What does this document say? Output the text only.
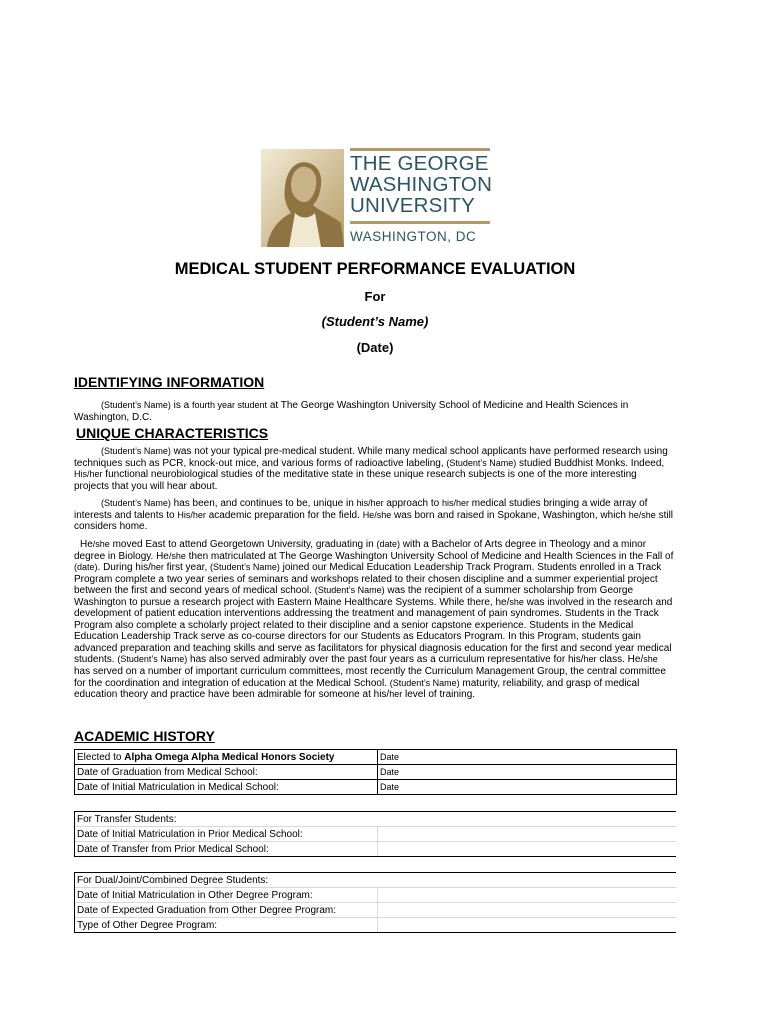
THE GEORGE
WASHINGTON
UNIVERSITY
WASHINGTON, DC
MEDICAL STUDENT PERFORMANCE EVALUATION
For
(Student’s Name)
(Date)
IDENTIFYING INFORMATION

(Student’s Name) is a fourth year student at The George Washington University School of Medicine and Health Sciences in Washington, D.C.

UNIQUE CHARACTERISTICS

(Student’s Name) was not your typical pre-medical student. While many medical school applicants have performed research using techniques such as PCR, knock-out mice, and various forms of radioactive labeling, (Student’s Name) studied Buddhist Monks. Indeed, His/her functional neurobiological studies of the meditative state in these unique research subjects is one of the more interesting projects that you will hear about.

(Student’s Name) has been, and continues to be, unique in his/her approach to his/her medical studies bringing a wide array of interests and talents to His/her academic preparation for the field. He/she was born and raised in Spokane, Washington, which he/she still considers home.

He/she moved East to attend Georgetown University, graduating in (date) with a Bachelor of Arts degree in Theology and a minor degree in Biology. He/she then matriculated at The George Washington University School of Medicine and Health Sciences in the Fall of (date). During his/her first year, (Student’s Name) joined our Medical Education Leadership Track Program. Students enrolled in a Track Program complete a two year series of seminars and workshops related to their chosen discipline and a summer experiential project between the first and second years of medical school. (Student’s Name) was the recipient of a summer scholarship from George Washington to pursue a research project with Eastern Maine Healthcare Systems. While there, he/she was involved in the research and development of patient education interventions addressing the treatment and management of pain syndromes. Students in the Track Program also complete a scholarly project related to their discipline and a senior capstone experience. Students in the Medical Education Leadership Track serve as co-course directors for our Students as Educators Program. In this Program, students gain advanced preparation and teaching skills and serve as facilitators for physical diagnosis education for the first and second year medical students. (Student’s Name) has also served admirably over the past four years as a curriculum representative for his/her class. He/she has served on a number of important curriculum committees, most recently the Curriculum Management Group, the central committee for the coordination and integration of education at the Medical School. (Student’s Name) maturity, reliability, and grasp of medical education theory and practice have been admirable for someone at his/her level of training.

ACADEMIC HISTORY
Elected to Alpha Omega Alpha Medical Honors Society	Date
Date of Graduation from Medical School:	Date
Date of Initial Matriculation in Medical School:	Date
For Transfer Students:	
Date of Initial Matriculation in Prior Medical School:	
Date of Transfer from Prior Medical School:	
For Dual/Joint/Combined Degree Students:	
Date of Initial Matriculation in Other Degree Program:	
Date of Expected Graduation from Other Degree Program:	
Type of Other Degree Program:	
